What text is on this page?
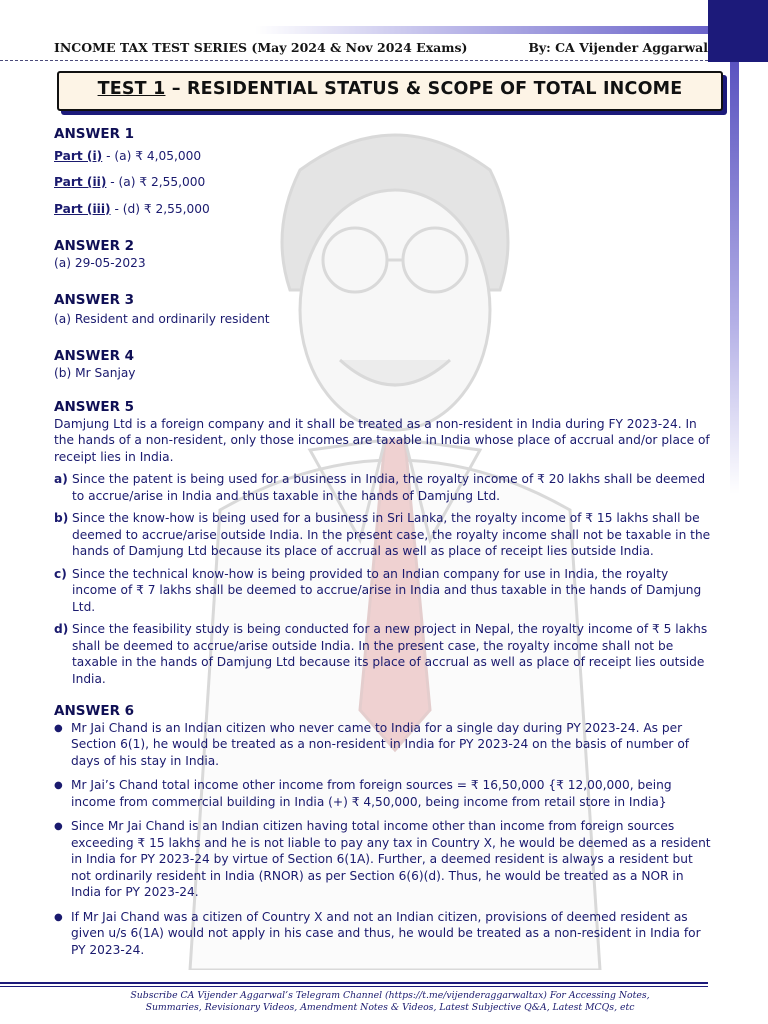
INCOME TAX TEST SERIES (May 2024 & Nov 2024 Exams)	By: CA Vijender Aggarwal
TEST 1 – RESIDENTIAL STATUS & SCOPE OF TOTAL INCOME

ANSWER 1

Part (i) - (a) ₹ 4,05,000

Part (ii) - (a) ₹ 2,55,000

Part (iii) - (d) ₹ 2,55,000

ANSWER 2

(a) 29-05-2023

ANSWER 3

(a) Resident and ordinarily resident

ANSWER 4

(b) Mr Sanjay

ANSWER 5

Damjung Ltd is a foreign company and it shall be treated as a non-resident in India during FY 2023-24. In the hands of a non-resident, only those incomes are taxable in India whose place of accrual and/or place of receipt lies in India.

a) Since the patent is being used for a business in India, the royalty income of ₹ 20 lakhs shall be deemed to accrue/arise in India and thus taxable in the hands of Damjung Ltd.
b) Since the know-how is being used for a business in Sri Lanka, the royalty income of ₹ 15 lakhs shall be deemed to accrue/arise outside India. In the present case, the royalty income shall not be taxable in the hands of Damjung Ltd because its place of accrual as well as place of receipt lies outside India.
c) Since the technical know-how is being provided to an Indian company for use in India, the royalty income of ₹ 7 lakhs shall be deemed to accrue/arise in India and thus taxable in the hands of Damjung Ltd.
d) Since the feasibility study is being conducted for a new project in Nepal, the royalty income of ₹ 5 lakhs shall be deemed to accrue/arise outside India. In the present case, the royalty income shall not be taxable in the hands of Damjung Ltd because its place of accrual as well as place of receipt lies outside India.

ANSWER 6

● Mr Jai Chand is an Indian citizen who never came to India for a single day during PY 2023-24. As per Section 6(1), he would be treated as a non-resident in India for PY 2023-24 on the basis of number of days of his stay in India.
● Mr Jai’s Chand total income other income from foreign sources = ₹ 16,50,000 {₹ 12,00,000, being income from commercial building in India (+) ₹ 4,50,000, being income from retail store in India}
● Since Mr Jai Chand is an Indian citizen having total income other than income from foreign sources exceeding ₹ 15 lakhs and he is not liable to pay any tax in Country X, he would be deemed as a resident in India for PY 2023-24 by virtue of Section 6(1A). Further, a deemed resident is always a resident but not ordinarily resident in India (RNOR) as per Section 6(6)(d). Thus, he would be treated as a NOR in India for PY 2023-24.
● If Mr Jai Chand was a citizen of Country X and not an Indian citizen, provisions of deemed resident as given u/s 6(1A) would not apply in his case and thus, he would be treated as a non-resident in India for PY 2023-24.
Subscribe CA Vijender Aggarwal’s Telegram Channel (https://t.me/vijenderaggarwaltax) For Accessing Notes,
Summaries, Revisionary Videos, Amendment Notes & Videos, Latest Subjective Q&A, Latest MCQs, etc
